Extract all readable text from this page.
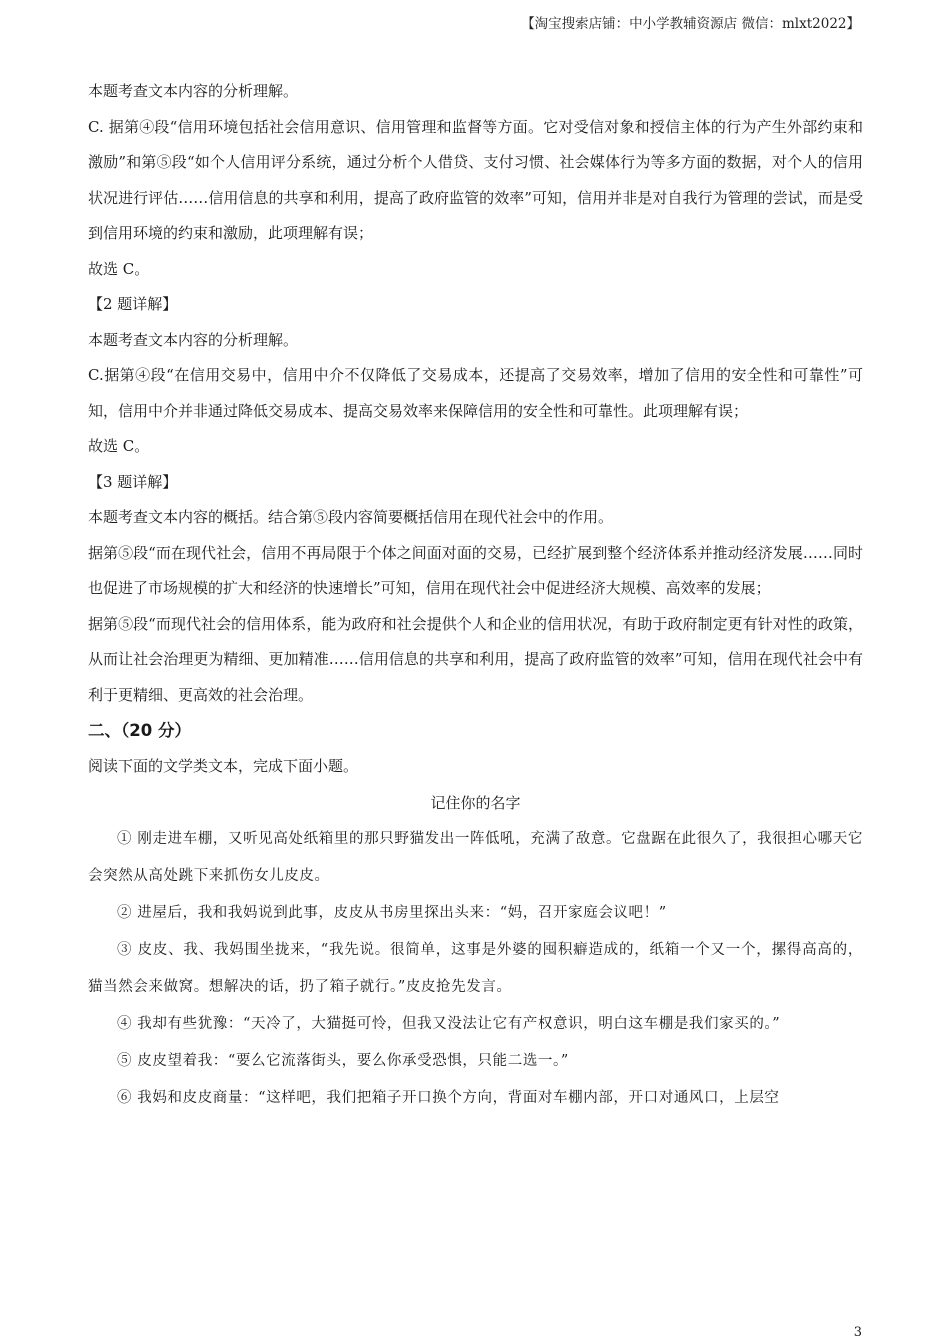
【淘宝搜索店铺：中小学教辅资源店 微信：mlxt2022】

本题考查文本内容的分析理解。

C. 据第④段“信用环境包括社会信用意识、信用管理和监督等方面。它对受信对象和授信主体的行为产生外部约束和激励”和第⑤段“如个人信用评分系统，通过分析个人借贷、支付习惯、社会媒体行为等多方面的数据，对个人的信用状况进行评估……信用信息的共享和利用，提高了政府监管的效率”可知，信用并非是对自我行为管理的尝试，而是受到信用环境的约束和激励，此项理解有误；

故选 C。

【2 题详解】

本题考查文本内容的分析理解。

C.据第④段“在信用交易中，信用中介不仅降低了交易成本，还提高了交易效率，增加了信用的安全性和可靠性”可知，信用中介并非通过降低交易成本、提高交易效率来保障信用的安全性和可靠性。此项理解有误；

故选 C。

【3 题详解】

本题考查文本内容的概括。结合第⑤段内容简要概括信用在现代社会中的作用。

据第⑤段“而在现代社会，信用不再局限于个体之间面对面的交易，已经扩展到整个经济体系并推动经济发展……同时也促进了市场规模的扩大和经济的快速增长”可知，信用在现代社会中促进经济大规模、高效率的发展；

据第⑤段“而现代社会的信用体系，能为政府和社会提供个人和企业的信用状况，有助于政府制定更有针对性的政策，从而让社会治理更为精细、更加精准……信用信息的共享和利用，提高了政府监管的效率”可知，信用在现代社会中有利于更精细、更高效的社会治理。

二、（20 分）

阅读下面的文学类文本，完成下面小题。

记住你的名字

① 刚走进车棚，又听见高处纸箱里的那只野猫发出一阵低吼，充满了敌意。它盘踞在此很久了，我很担心哪天它会突然从高处跳下来抓伤女儿皮皮。

② 进屋后，我和我妈说到此事，皮皮从书房里探出头来：“妈，召开家庭会议吧！”

③ 皮皮、我、我妈围坐拢来，“我先说。很简单，这事是外婆的囤积癖造成的，纸箱一个又一个，摞得高高的，猫当然会来做窝。想解决的话，扔了箱子就行。”皮皮抢先发言。

④ 我却有些犹豫：“天冷了，大猫挺可怜，但我又没法让它有产权意识，明白这车棚是我们家买的。”

⑤ 皮皮望着我：“要么它流落街头，要么你承受恐惧，只能二选一。”

⑥ 我妈和皮皮商量：“这样吧，我们把箱子开口换个方向，背面对车棚内部，开口对通风口，上层空

3
